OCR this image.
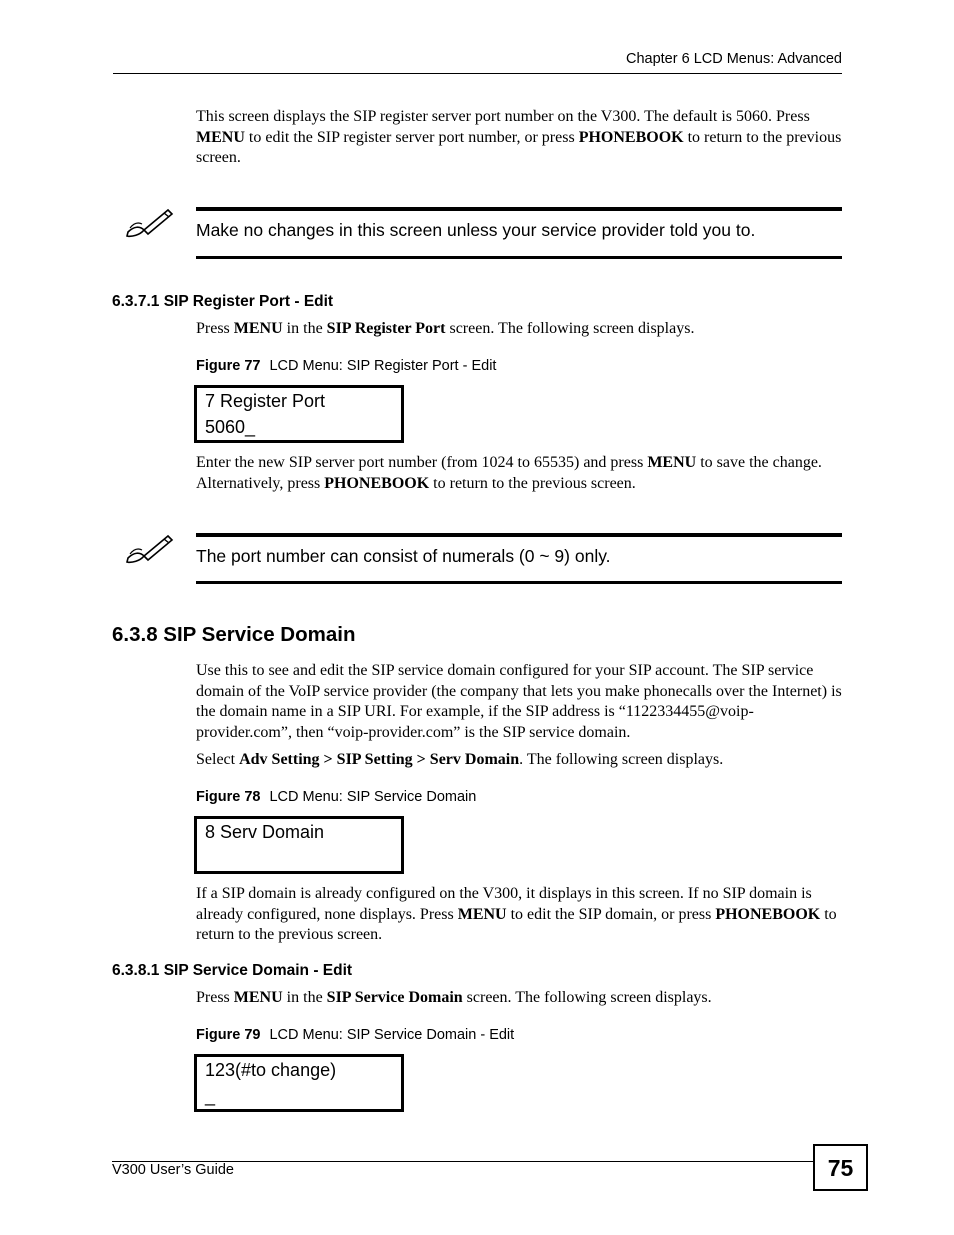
Chapter 6 LCD Menus: Advanced
This screen displays the SIP register server port number on the V300. The default is 5060. Press MENU to edit the SIP register server port number, or press PHONEBOOK to return to the previous screen.
Make no changes in this screen unless your service provider told you to.
6.3.7.1 SIP Register Port - Edit
Press MENU in the SIP Register Port screen. The following screen displays.
Figure 77 LCD Menu: SIP Register Port - Edit
7 Register Port
5060_
Enter the new SIP server port number (from 1024 to 65535) and press MENU to save the change. Alternatively, press PHONEBOOK to return to the previous screen.
The port number can consist of numerals (0 ~ 9) only.
6.3.8 SIP Service Domain
Use this to see and edit the SIP service domain configured for your SIP account. The SIP service domain of the VoIP service provider (the company that lets you make phonecalls over the Internet) is the domain name in a SIP URI. For example, if the SIP address is “1122334455@voip-provider.com”, then “voip-provider.com” is the SIP service domain.
Select Adv Setting > SIP Setting > Serv Domain. The following screen displays.
Figure 78 LCD Menu: SIP Service Domain
8 Serv Domain
If a SIP domain is already configured on the V300, it displays in this screen. If no SIP domain is already configured, none displays. Press MENU to edit the SIP domain, or press PHONEBOOK to return to the previous screen.
6.3.8.1 SIP Service Domain - Edit
Press MENU in the SIP Service Domain screen. The following screen displays.
Figure 79 LCD Menu: SIP Service Domain - Edit
123(#to change)
_
V300 User’s Guide	75
